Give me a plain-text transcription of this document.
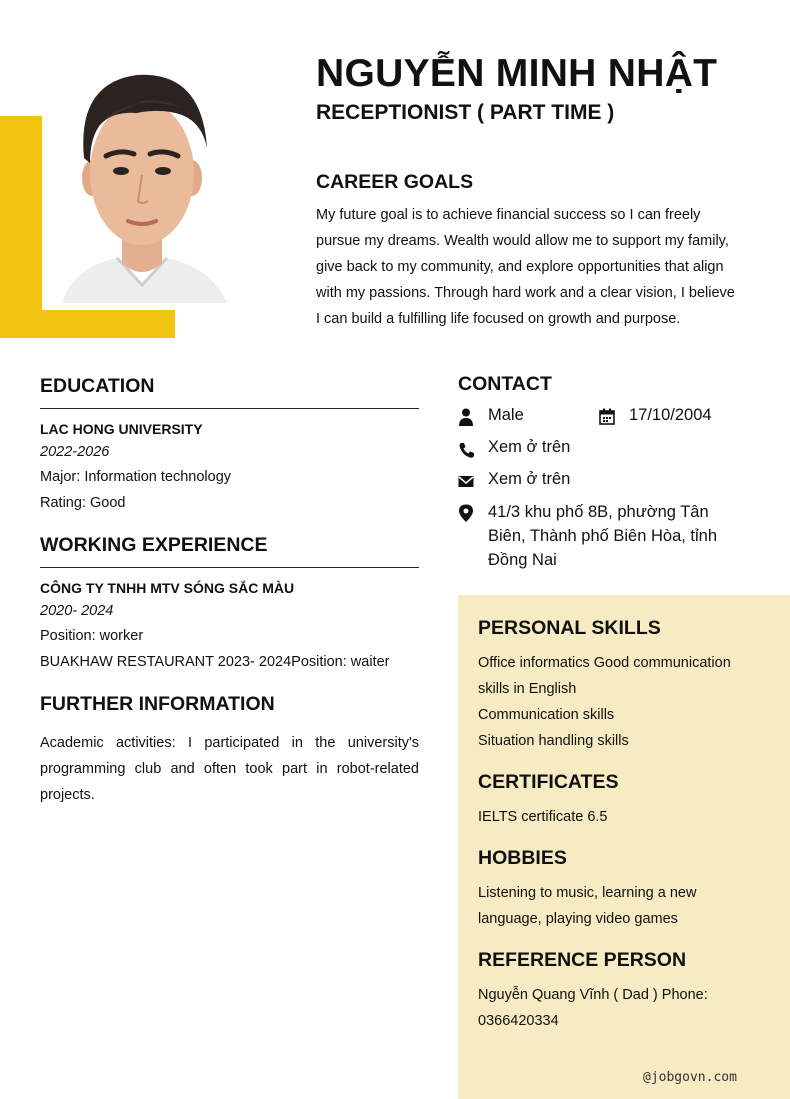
NGUYỄN MINH NHẬT
RECEPTIONIST ( PART TIME )
CAREER GOALS
My future goal is to achieve financial success so I can freely
pursue my dreams. Wealth would allow me to support my family,
give back to my community, and explore opportunities that align
with my passions. Through hard work and a clear vision, I believe
I can build a fulfilling life focused on growth and purpose.
EDUCATION
LAC HONG UNIVERSITY
2022-2026
Major: Information technology
Rating: Good
WORKING EXPERIENCE
CÔNG TY TNHH MTV SÓNG SẮC MÀU
2020- 2024
Position: worker
BUAKHAW RESTAURANT 2023- 2024Position: waiter
FURTHER INFORMATION
Academic activities: I participated in the university's programming club and often took part in robot-related projects.
CONTACT
Male	17/10/2004
Xem ở trên
Xem ở trên
41/3 khu phố 8B, phường Tân Biên, Thành phố Biên Hòa, tỉnh Đồng Nai
PERSONAL SKILLS
Office informatics Good communication
skills in English
Communication skills
Situation handling skills
CERTIFICATES
IELTS certificate 6.5
HOBBIES
Listening to music, learning a new
language, playing video games
REFERENCE PERSON
Nguyễn Quang Vĩnh ( Dad ) Phone:
0366420334
@jobgovn.com
